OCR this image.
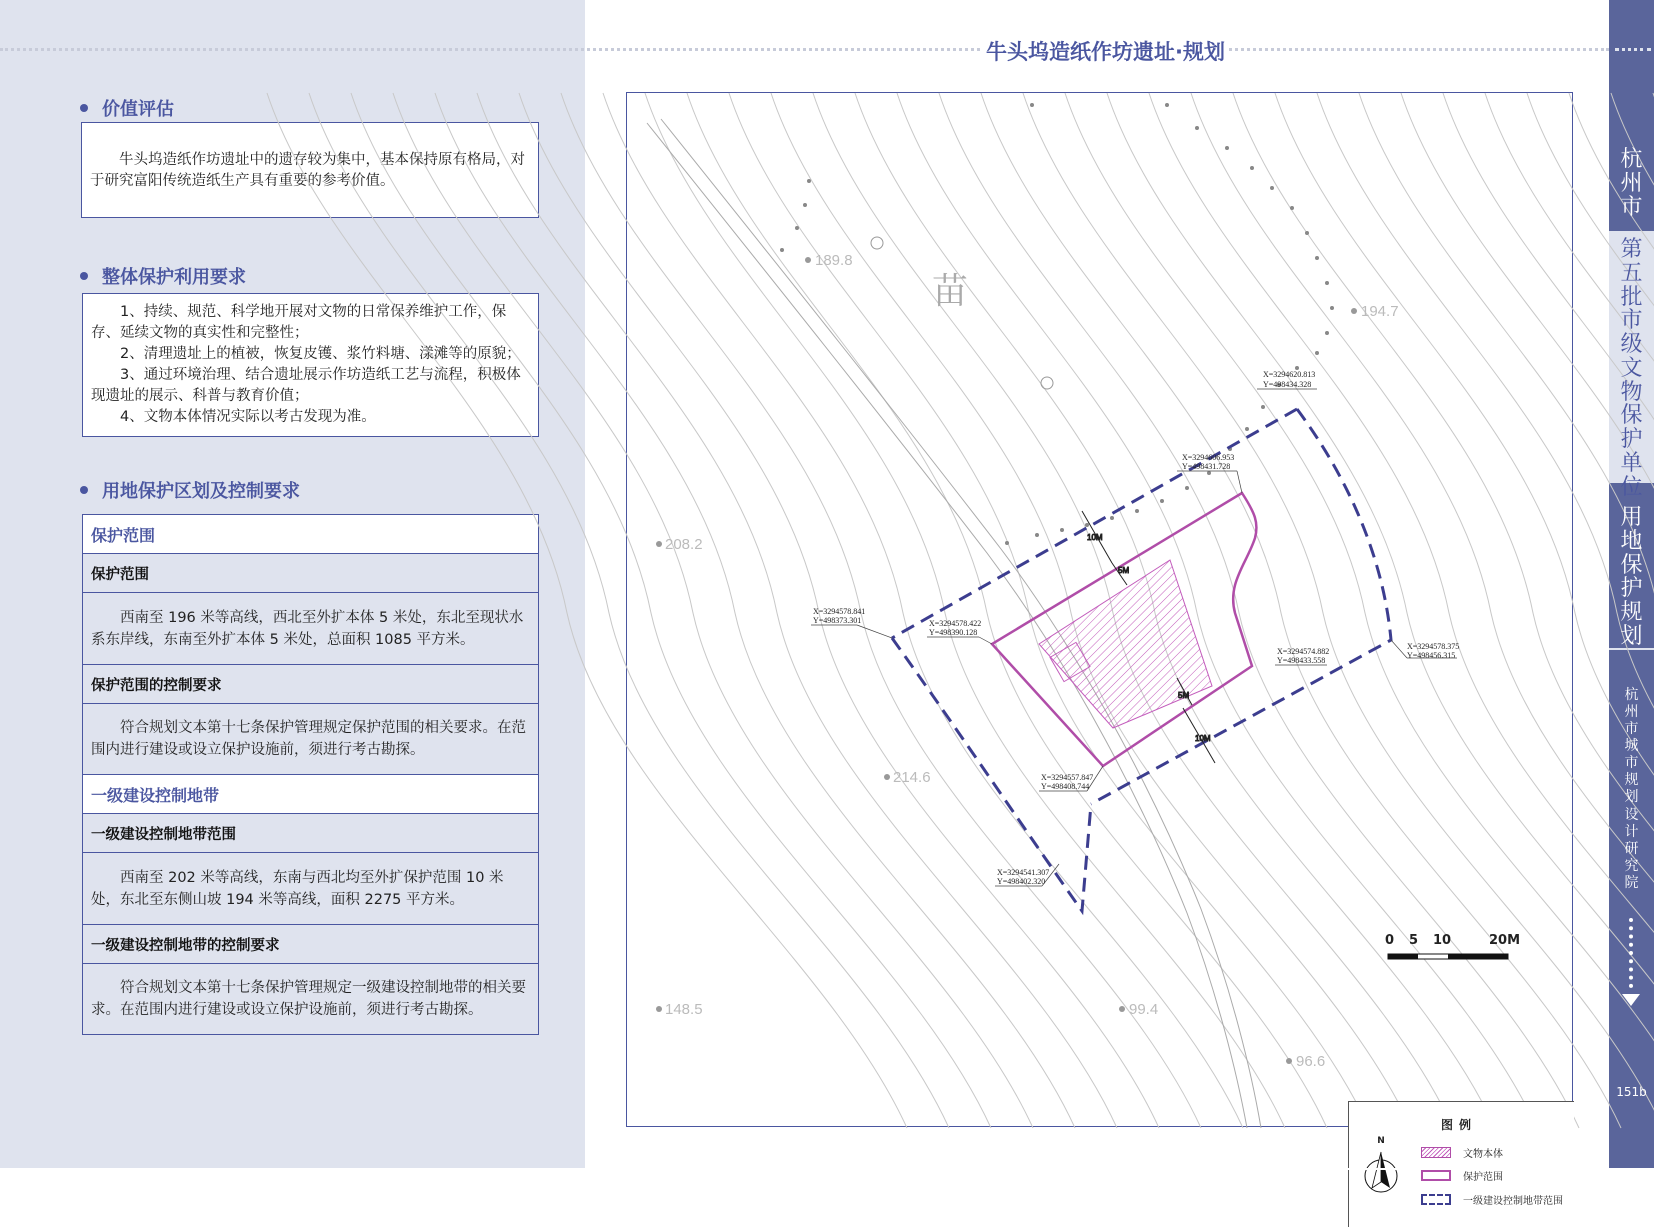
牛头坞造纸作坊遗址·规划
价值评估

牛头坞造纸作坊遗址中的遗存较为集中，基本保持原有格局，对于研究富阳传统造纸生产具有重要的参考价值。

整体保护利用要求

1、持续、规范、科学地开展对文物的日常保养维护工作，保存、延续文物的真实性和完整性；

2、清理遗址上的植被，恢复皮镬、浆竹料塘、漾滩等的原貌；

3、通过环境治理、结合遗址展示作坊造纸工艺与流程，积极体现遗址的展示、科普与教育价值；

4、文物本体情况实际以考古发现为准。

用地保护区划及控制要求
保护范围
保护范围

西南至 196 米等高线，西北至外扩本体 5 米处，东北至现状水系东岸线，东南至外扩本体 5 米处，总面积 1085 平方米。

保护范围的控制要求

符合规划文本第十七条保护管理规定保护范围的相关要求。在范围内进行建设或设立保护设施前，须进行考古勘探。

一级建设控制地带
一级建设控制地带范围

西南至 202 米等高线，东南与西北均至外扩保护范围 10 米处，东北至东侧山坡 194 米等高线，面积 2275 平方米。

一级建设控制地带的控制要求

符合规划文本第十七条保护管理规定一级建设控制地带的相关要求。在范围内进行建设或设立保护设施前，须进行考古勘探。

苗
189.8
194.7
208.2
214.6
99.4
96.6
148.5
10M
5M
5M
10M
X=3294620.813
Y=498434.328
X=3294606.953
Y=498431.728
X=3294578.841
Y=498373.301	X=3294578.422
Y=498390.128
X=3294574.882
Y=498433.558
X=3294578.375
Y=498456.315
X=3294557.847
Y=498408.744
X=3294541.307
Y=498402.320
0 5 10	20M
图例
N
文物本体
保护范围
一级建设控制地带范围
杭
州
市
第
五
批
市
级
文
物
保
护
单
位
用
地
保
护
规
划
杭
州
市
城
市
规
划
设
计
研
究
院
151b
